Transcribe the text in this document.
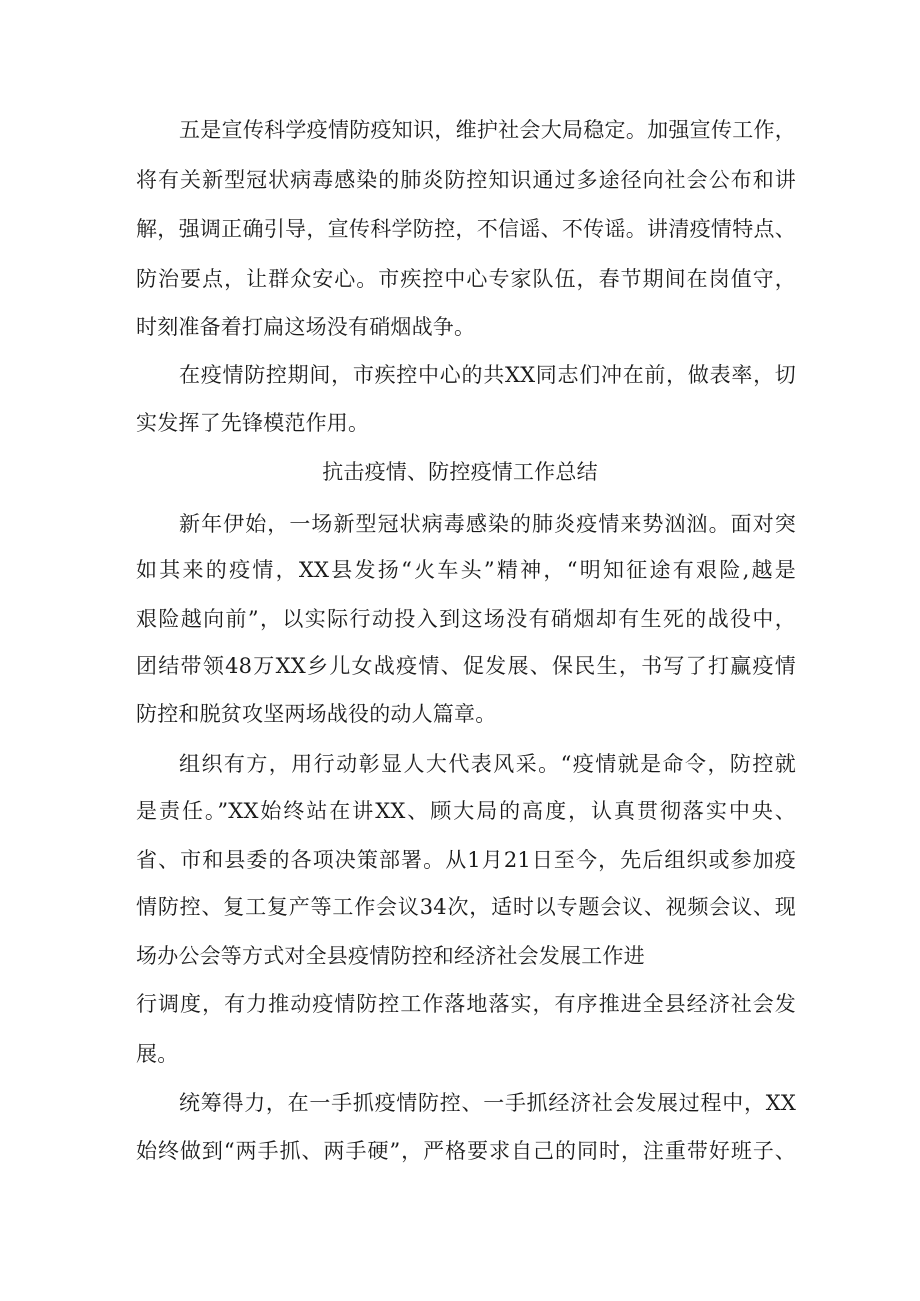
五是宣传科学疫情防疫知识，维护社会大局稳定。加强宣传工作，
将有关新型冠状病毒感染的肺炎防控知识通过多途径向社会公布和讲
解，强调正确引导，宣传科学防控，不信谣、不传谣。讲清疫情特点、
防治要点，让群众安心。市疾控中心专家队伍，春节期间在岗值守，
时刻准备着打扁这场没有硝烟战争。
在疫情防控期间，市疾控中心的共XX同志们冲在前，做表率，切
实发挥了先锋模范作用。
抗击疫情、防控疫情工作总结
新年伊始，一场新型冠状病毒感染的肺炎疫情来势汹汹。面对突
如其来的疫情，XX县发扬“火车头”精神，“明知征途有艰险,越是
艰险越向前”，以实际行动投入到这场没有硝烟却有生死的战役中，
团结带领48万XX乡儿女战疫情、促发展、保民生，书写了打赢疫情
防控和脱贫攻坚两场战役的动人篇章。
组织有方，用行动彰显人大代表风采。“疫情就是命令，防控就
是责任。”XX始终站在讲XX、顾大局的高度，认真贯彻落实中央、
省、市和县委的各项决策部署。从1月21日至今，先后组织或参加疫
情防控、复工复产等工作会议34次，适时以专题会议、视频会议、现
场办公会等方式对全县疫情防控和经济社会发展工作进
行调度，有力推动疫情防控工作落地落实，有序推进全县经济社会发
展。
统筹得力，在一手抓疫情防控、一手抓经济社会发展过程中，XX
始终做到“两手抓、两手硬”，严格要求自己的同时，注重带好班子、
